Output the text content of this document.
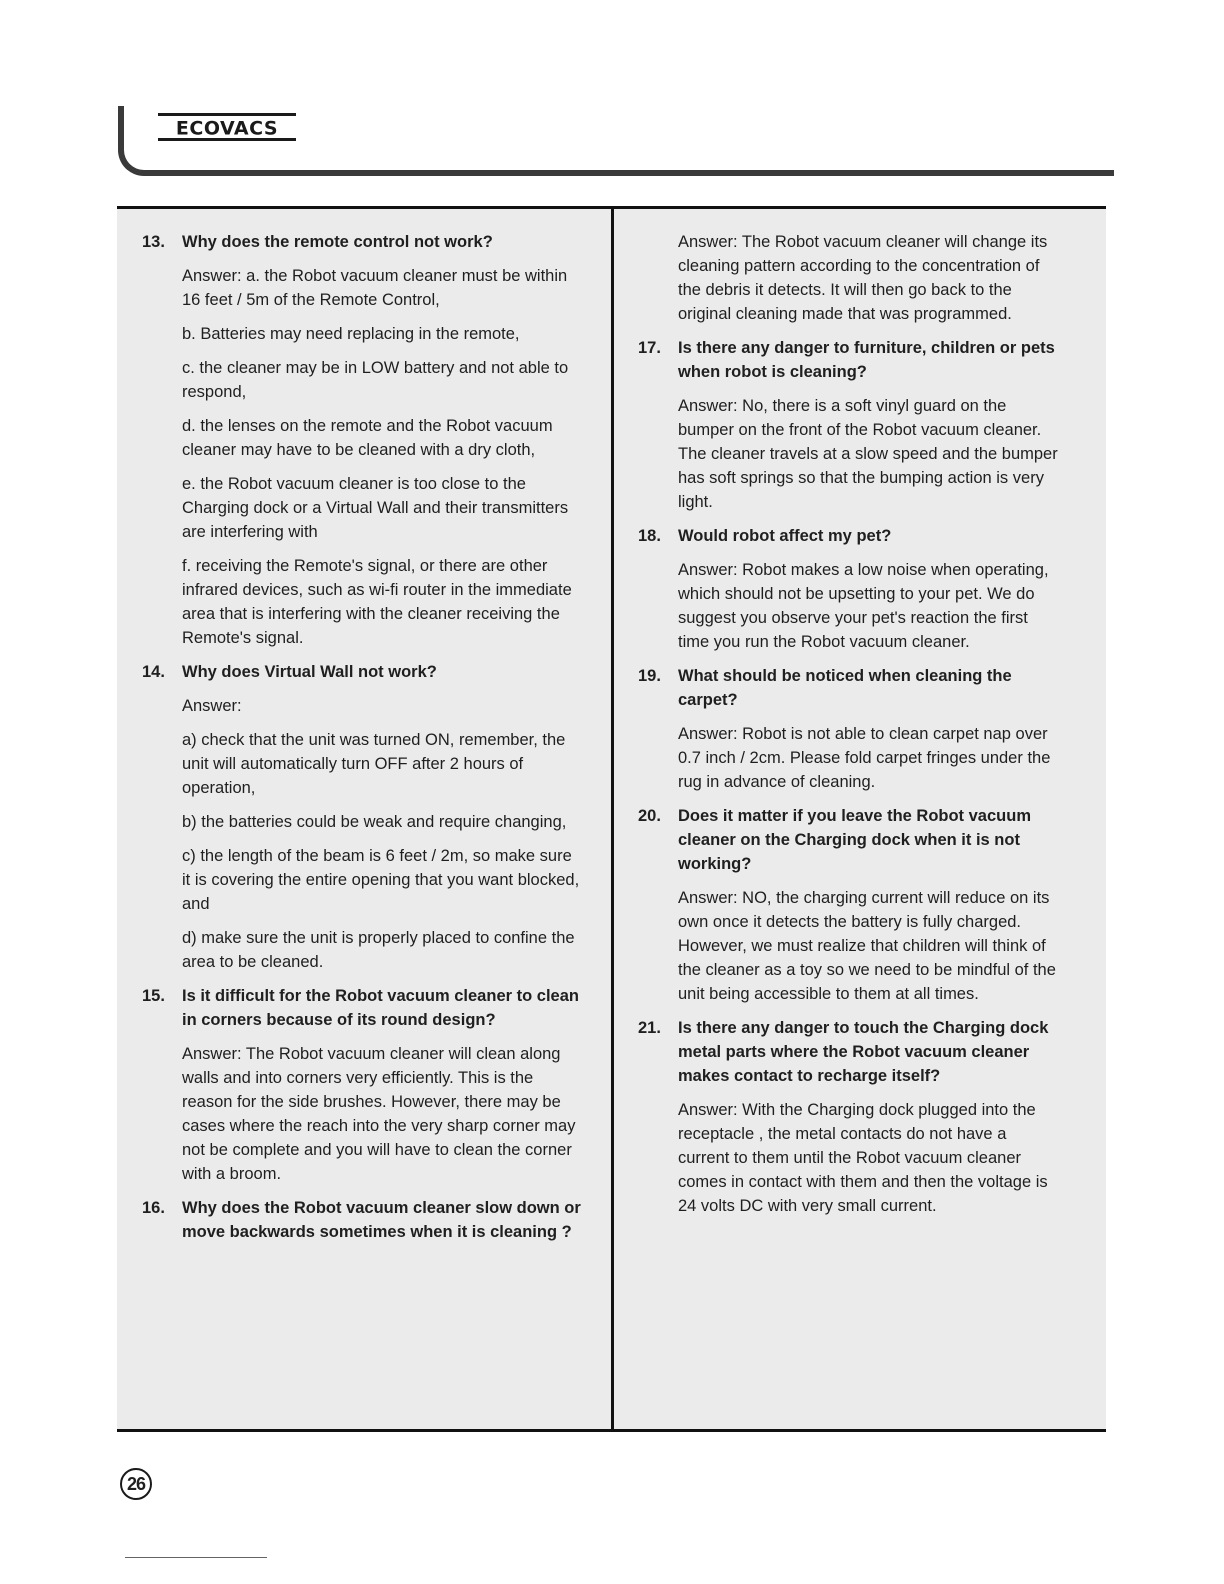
ECOVACS
13.	Why does the remote control not work?

Answer: a. the Robot vacuum cleaner must be within 16 feet / 5m of the Remote Control,

b. Batteries may need replacing in the remote,

c. the cleaner may be in LOW battery and not able to respond,

d. the lenses on the remote and the Robot vacuum cleaner may have to be cleaned with a dry cloth,

e. the Robot vacuum cleaner is too close to the Charging dock or a Virtual Wall and their transmitters are interfering with

f. receiving the Remote's signal, or there are other infrared devices, such as wi-fi router in the immediate area that is interfering with the cleaner receiving the Remote's signal.

14.	Why does Virtual Wall not work?

Answer:

a) check that the unit was turned ON, remember, the unit will automatically turn OFF after 2 hours of operation,

b) the batteries could be weak and require changing,

c) the length of the beam is 6 feet / 2m, so make sure it is covering the entire opening that you want blocked, and

d) make sure the unit is properly placed to confine the area to be cleaned.

15.	Is it difficult for the Robot vacuum cleaner to clean in corners because of its round design?

Answer: The Robot vacuum cleaner will clean along walls and into corners very efficiently. This is the reason for the side brushes. However, there may be cases where the reach into the very sharp corner may not be complete and you will have to clean the corner with a broom.

16.	Why does the Robot vacuum cleaner slow down or move backwards sometimes when it is cleaning ?
Answer: The Robot vacuum cleaner will change its cleaning pattern according to the concentration of the debris it detects. It will then go back to the original cleaning made that was programmed.
17.	Is there any danger to furniture, children or pets when robot is cleaning?

Answer: No, there is a soft vinyl guard on the bumper on the front of the Robot vacuum cleaner. The cleaner travels at a slow speed and the bumper has soft springs so that the bumping action is very light.

18.	Would robot affect my pet?

Answer: Robot makes a low noise when operating, which should not be upsetting to your pet. We do suggest you observe your pet's reaction the first time you run the Robot vacuum cleaner.

19.	What should be noticed when cleaning the carpet?

Answer: Robot is not able to clean carpet nap over 0.7 inch / 2cm. Please fold carpet fringes under the rug in advance of cleaning.

20.	Does it matter if you leave the Robot vacuum cleaner on the Charging dock when it is not working?

Answer: NO, the charging current will reduce on its own once it detects the battery is fully charged. However, we must realize that children will think of the cleaner as a toy so we need to be mindful of the unit being accessible to them at all times.

21.	Is there any danger to touch the Charging dock metal parts where the Robot vacuum cleaner makes contact to recharge itself?

Answer: With the Charging dock plugged into the receptacle , the metal contacts do not have a current to them until the Robot vacuum cleaner comes in contact with them and then the voltage is 24 volts DC with very small current.

26
